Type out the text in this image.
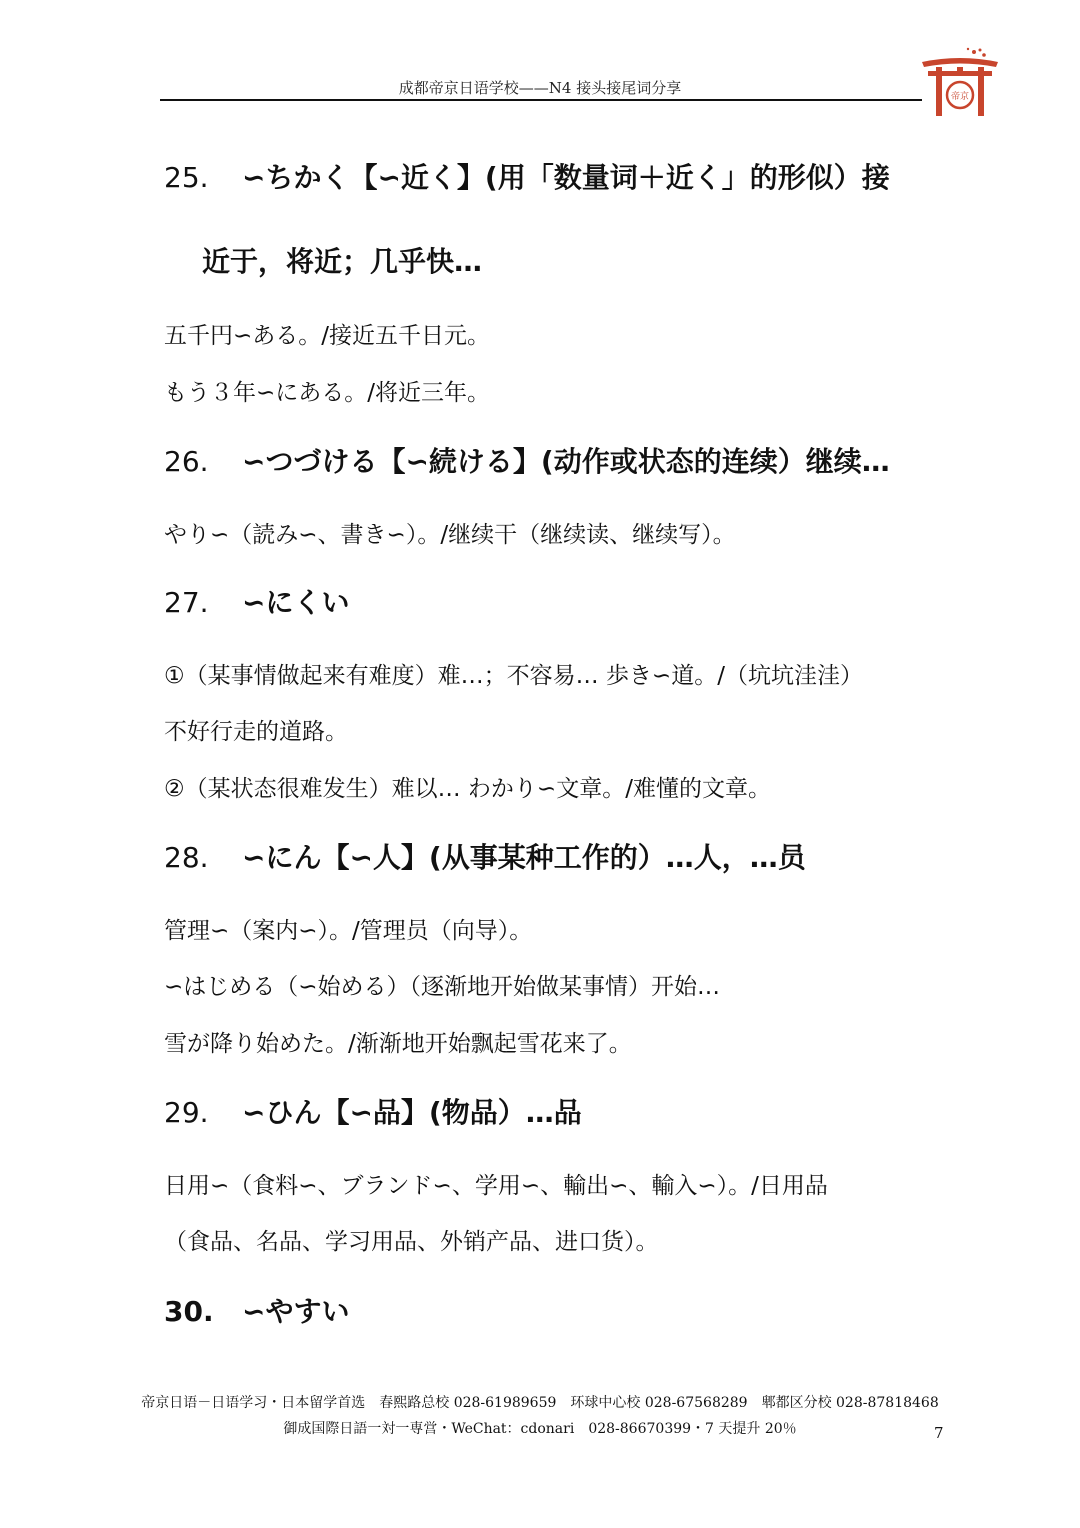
成都帝京日语学校——N4 接头接尾词分享	帝京
25. ∽ちかく【∽近く】(用「数量词＋近く」的形似）接
近于，将近；几乎快…
五千円∽ある。/接近五千日元。
もう３年∽にある。/将近三年。
26. ∽つづける【∽続ける】(动作或状态的连续）继续…
やり∽（読み∽、書き∽）。/继续干（继续读、继续写）。
27. ∽にくい
①（某事情做起来有难度）难…；不容易… 歩き∽道。/（坑坑洼洼）
不好行走的道路。
②（某状态很难发生）难以… わかり∽文章。/难懂的文章。
28. ∽にん【∽人】(从事某种工作的）…人，…员
管理∽（案内∽）。/管理员（向导）。
∽はじめる（∽始める）（逐渐地开始做某事情）开始…
雪が降り始めた。/渐渐地开始飘起雪花来了。
29. ∽ひん【∽品】(物品）…品
日用∽（食料∽、ブランド∽、学用∽、輸出∽、輸入∽）。/日用品
（食品、名品、学习用品、外销产品、进口货）。
30. ∽やすい
帝京日语－日语学习・日本留学首选　春熙路总校 028-61989659　环球中心校 028-67568289　郫都区分校 028-87818468
御成国際日語一対一専営・WeChat：cdonari　028-86670399・7 天提升 20％	7
